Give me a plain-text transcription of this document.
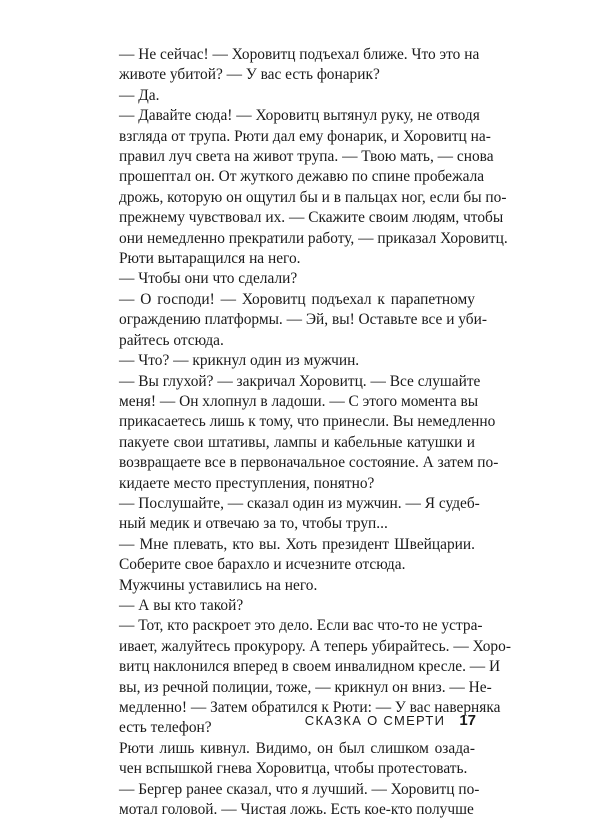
— Не сейчас! — Хоровитц подъехал ближе. Что это на
животе убитой? — У вас есть фонарик?
— Да.
— Давайте сюда! — Хоровитц вытянул руку, не отводя
взгляда от трупа. Рюти дал ему фонарик, и Хоровитц на-
правил луч света на живот трупа. — Твою мать, — снова
прошептал он. От жуткого дежавю по спине пробежала
дрожь, которую он ощутил бы и в пальцах ног, если бы по-
прежнему чувствовал их. — Скажите своим людям, чтобы
они немедленно прекратили работу, — приказал Хоровитц.
Рюти вытаращился на него.
— Чтобы они что сделали?
— О господи! — Хоровитц подъехал к парапетному
ограждению платформы. — Эй, вы! Оставьте все и уби-
райтесь отсюда.
— Что? — крикнул один из мужчин.
— Вы глухой? — закричал Хоровитц. — Все слушайте
меня! — Он хлопнул в ладоши. — С этого момента вы
прикасаетесь лишь к тому, что принесли. Вы немедленно
пакуете свои штативы, лампы и кабельные катушки и
возвращаете все в первоначальное состояние. А затем по-
кидаете место преступления, понятно?
— Послушайте, — сказал один из мужчин. — Я судеб-
ный медик и отвечаю за то, чтобы труп...
— Мне плевать, кто вы. Хоть президент Швейцарии.
Соберите свое барахло и исчезните отсюда.
Мужчины уставились на него.
— А вы кто такой?
— Тот, кто раскроет это дело. Если вас что-то не устра-
ивает, жалуйтесь прокурору. А теперь убирайтесь. — Хоро-
витц наклонился вперед в своем инвалидном кресле. — И
вы, из речной полиции, тоже, — крикнул он вниз. — Не-
медленно! — Затем обратился к Рюти: — У вас наверняка
есть телефон?
Рюти лишь кивнул. Видимо, он был слишком озада-
чен вспышкой гнева Хоровитца, чтобы протестовать.
— Бергер ранее сказал, что я лучший. — Хоровитц по-
мотал головой. — Чистая ложь. Есть кое-кто получше
СКАЗКА О СМЕРТИ 17
